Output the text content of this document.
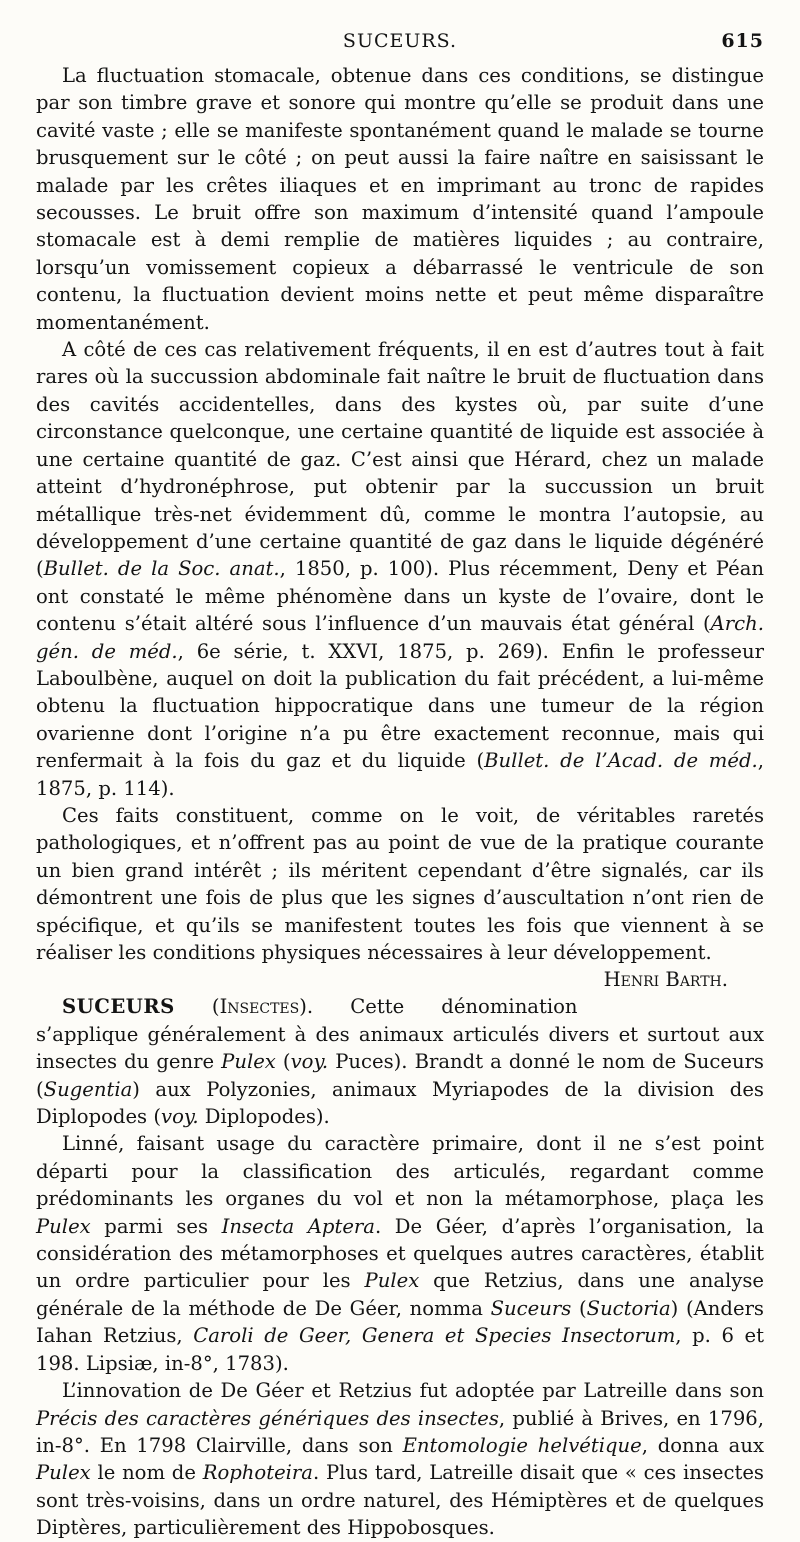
SUCEURS.	615

La fluctuation stomacale, obtenue dans ces conditions, se distingue par son timbre grave et sonore qui montre qu’elle se produit dans une cavité vaste ; elle se manifeste spontanément quand le malade se tourne brusquement sur le côté ; on peut aussi la faire naître en saisissant le malade par les crêtes iliaques et en imprimant au tronc de rapides secousses. Le bruit offre son maximum d’intensité quand l’ampoule stomacale est à demi remplie de matières liquides ; au contraire, lorsqu’un vomissement copieux a débarrassé le ventricule de son contenu, la fluctuation devient moins nette et peut même disparaître momentanément.

A côté de ces cas relativement fréquents, il en est d’autres tout à fait rares où la succussion abdominale fait naître le bruit de fluctuation dans des cavités accidentelles, dans des kystes où, par suite d’une circonstance quelconque, une certaine quantité de liquide est associée à une certaine quantité de gaz. C’est ainsi que Hérard, chez un malade atteint d’hydronéphrose, put obtenir par la succussion un bruit métallique très-net évidemment dû, comme le montra l’autopsie, au développement d’une certaine quantité de gaz dans le liquide dégénéré (Bullet. de la Soc. anat., 1850, p. 100). Plus récemment, Deny et Péan ont constaté le même phénomène dans un kyste de l’ovaire, dont le contenu s’était altéré sous l’influence d’un mauvais état général (Arch. gén. de méd., 6e série, t. XXVI, 1875, p. 269). Enfin le professeur Laboulbène, auquel on doit la publication du fait précédent, a lui-même obtenu la fluctuation hippocratique dans une tumeur de la région ovarienne dont l’origine n’a pu être exactement reconnue, mais qui renfermait à la fois du gaz et du liquide (Bullet. de l’Acad. de méd., 1875, p. 114).

Ces faits constituent, comme on le voit, de véritables raretés pathologiques, et n’offrent pas au point de vue de la pratique courante un bien grand intérêt ; ils méritent cependant d’être signalés, car ils démontrent une fois de plus que les signes d’auscultation n’ont rien de spécifique, et qu’ils se manifestent toutes les fois que viennent à se réaliser les conditions physiques nécessaires à leur développement.
Henri Barth.

SUCEURS (Insectes). Cette dénomination s’applique généralement à des animaux articulés divers et surtout aux insectes du genre Pulex (voy. Puces). Brandt a donné le nom de Suceurs (Sugentia) aux Polyzonies, animaux Myriapodes de la division des Diplopodes (voy. Diplopodes).

Linné, faisant usage du caractère primaire, dont il ne s’est point départi pour la classification des articulés, regardant comme prédominants les organes du vol et non la métamorphose, plaça les Pulex parmi ses Insecta Aptera. De Géer, d’après l’organisation, la considération des métamorphoses et quelques autres caractères, établit un ordre particulier pour les Pulex que Retzius, dans une analyse générale de la méthode de De Géer, nomma Suceurs (Suctoria) (Anders Iahan Retzius, Caroli de Geer, Genera et Species Insectorum, p. 6 et 198. Lipsiæ, in-8°, 1783).

L’innovation de De Géer et Retzius fut adoptée par Latreille dans son Précis des caractères génériques des insectes, publié à Brives, en 1796, in-8°. En 1798 Clairville, dans son Entomologie helvétique, donna aux Pulex le nom de Rophoteira. Plus tard, Latreille disait que « ces insectes sont très-voisins, dans un ordre naturel, des Hémiptères et de quelques Diptères, particulièrement des Hippobosques.
